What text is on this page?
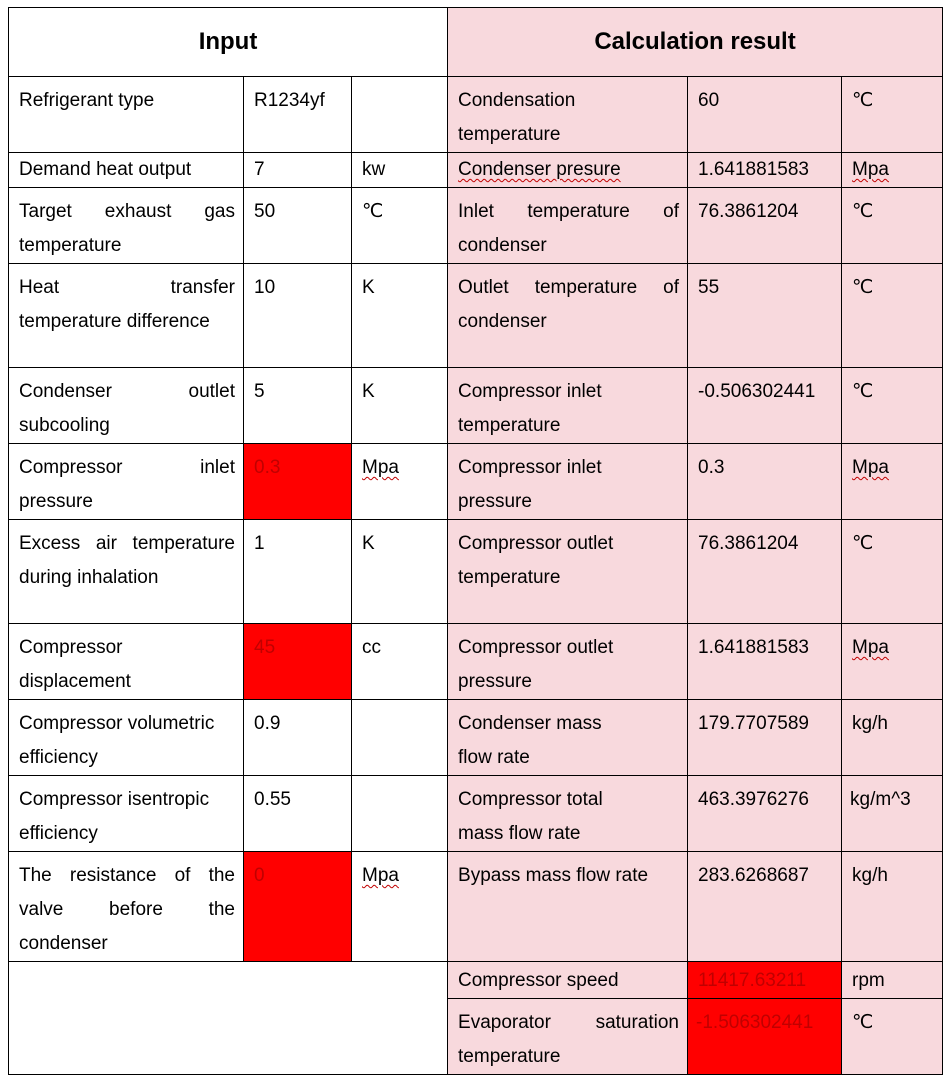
Input			Calculation result		
Refrigerant type	R1234yf		Condensation temperature	60	℃
Demand heat output	7	kw	Condenser presure	1.641881583	Mpa
Target exhaust gas temperature	50	℃	Inlet temperature of condenser	76.3861204	℃
Heat transfer temperature difference	10	K	Outlet temperature of condenser	55	℃
Condenser outlet subcooling	5	K	Compressor inlet temperature	-0.506302441	℃
Compressor inlet pressure	0.3	Mpa	Compressor inlet pressure	0.3	Mpa
Excess air temperature during inhalation	1	K	Compressor outlet temperature	76.3861204	℃
Compressor displacement	45	cc	Compressor outlet pressure	1.641881583	Mpa
Compressor volumetric efficiency	0.9		Condenser mass flow rate	179.7707589	kg/h
Compressor isentropic efficiency	0.55		Compressor total mass flow rate	463.3976276	kg/m^3
The resistance of the valve before the condenser	0	Mpa	Bypass mass flow rate	283.6268687	kg/h
			Compressor speed	11417.63211	rpm
			Evaporator saturation temperature	-1.506302441	℃
